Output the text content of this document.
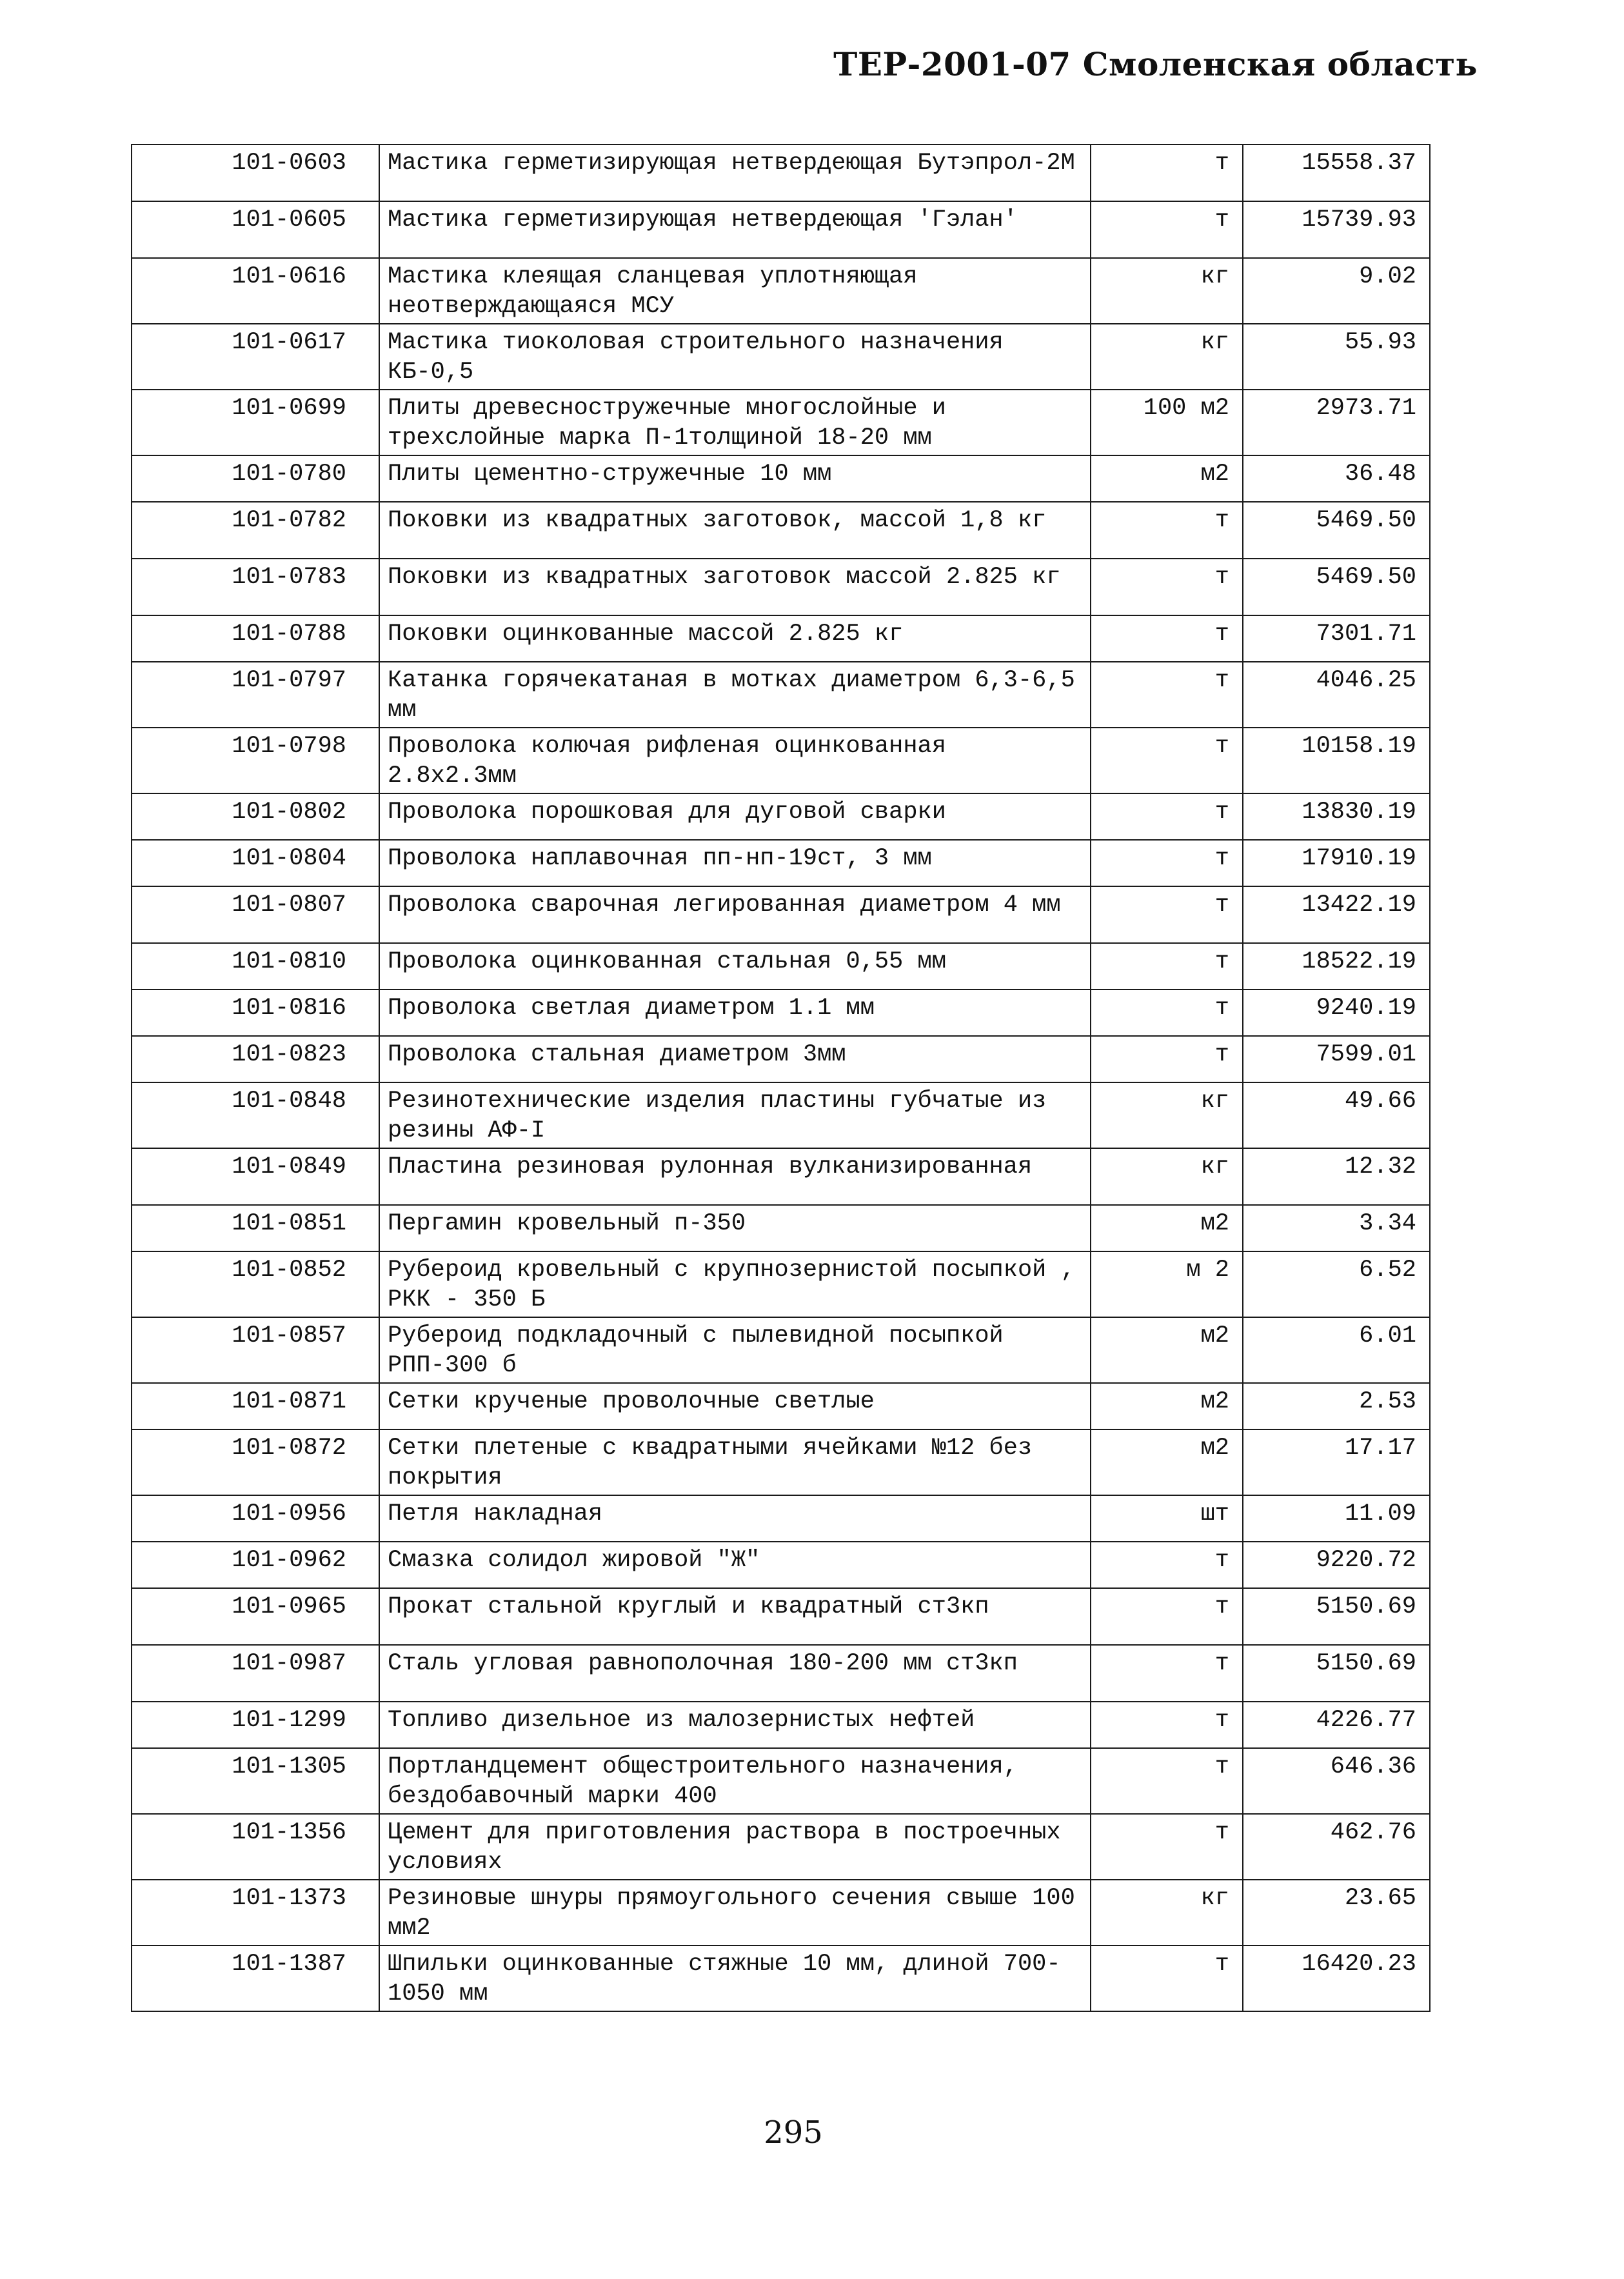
ТЕР-2001-07 Смоленская область
101-0603	Мастика герметизирующая нетвердеющая Бутэпрол-2М	т	15558.37
101-0605	Мастика герметизирующая нетвердеющая 'Гэлан'	т	15739.93
101-0616	Мастика клеящая сланцевая уплотняющая неотверждающаяся МСУ	кг	9.02
101-0617	Мастика тиоколовая строительного назначения КБ-0,5	кг	55.93
101-0699	Плиты древесностружечные многослойные и трехслойные марка П-1толщиной 18-20 мм	100 м2	2973.71
101-0780	Плиты цементно-стружечные 10 мм	м2	36.48
101-0782	Поковки из квадратных заготовок, массой 1,8 кг	т	5469.50
101-0783	Поковки из квадратных заготовок массой 2.825 кг	т	5469.50
101-0788	Поковки оцинкованные массой 2.825 кг	т	7301.71
101-0797	Катанка горячекатаная в мотках диаметром 6,3-6,5 мм	т	4046.25
101-0798	Проволока колючая рифленая оцинкованная 2.8х2.3мм	т	10158.19
101-0802	Проволока порошковая для дуговой сварки	т	13830.19
101-0804	Проволока наплавочная пп-нп-19ст, 3 мм	т	17910.19
101-0807	Проволока сварочная легированная диаметром 4 мм	т	13422.19
101-0810	Проволока оцинкованная стальная 0,55 мм	т	18522.19
101-0816	Проволока светлая диаметром 1.1 мм	т	9240.19
101-0823	Проволока стальная диаметром 3мм	т	7599.01
101-0848	Резинотехнические изделия пластины губчатые из резины АФ-I	кг	49.66
101-0849	Пластина резиновая рулонная вулканизированная	кг	12.32
101-0851	Пергамин кровельный п-350	м2	3.34
101-0852	Рубероид кровельный с крупнозернистой посыпкой , РКК - 350 Б	м 2	6.52
101-0857	Рубероид подкладочный с пылевидной посыпкой РПП-300 б	м2	6.01
101-0871	Сетки крученые проволочные светлые	м2	2.53
101-0872	Сетки плетеные с квадратными ячейками №12 без покрытия	м2	17.17
101-0956	Петля накладная	шт	11.09
101-0962	Смазка солидол жировой "Ж"	т	9220.72
101-0965	Прокат стальной круглый и квадратный ст3кп	т	5150.69
101-0987	Сталь угловая равнополочная 180-200 мм ст3кп	т	5150.69
101-1299	Топливо дизельное из малозернистых нефтей	т	4226.77
101-1305	Портландцемент общестроительного назначения, бездобавочный марки 400	т	646.36
101-1356	Цемент для приготовления раствора в построечных условиях	т	462.76
101-1373	Резиновые шнуры прямоугольного сечения свыше 100 мм2	кг	23.65
101-1387	Шпильки оцинкованные стяжные 10 мм, длиной 700-1050 мм	т	16420.23
295
